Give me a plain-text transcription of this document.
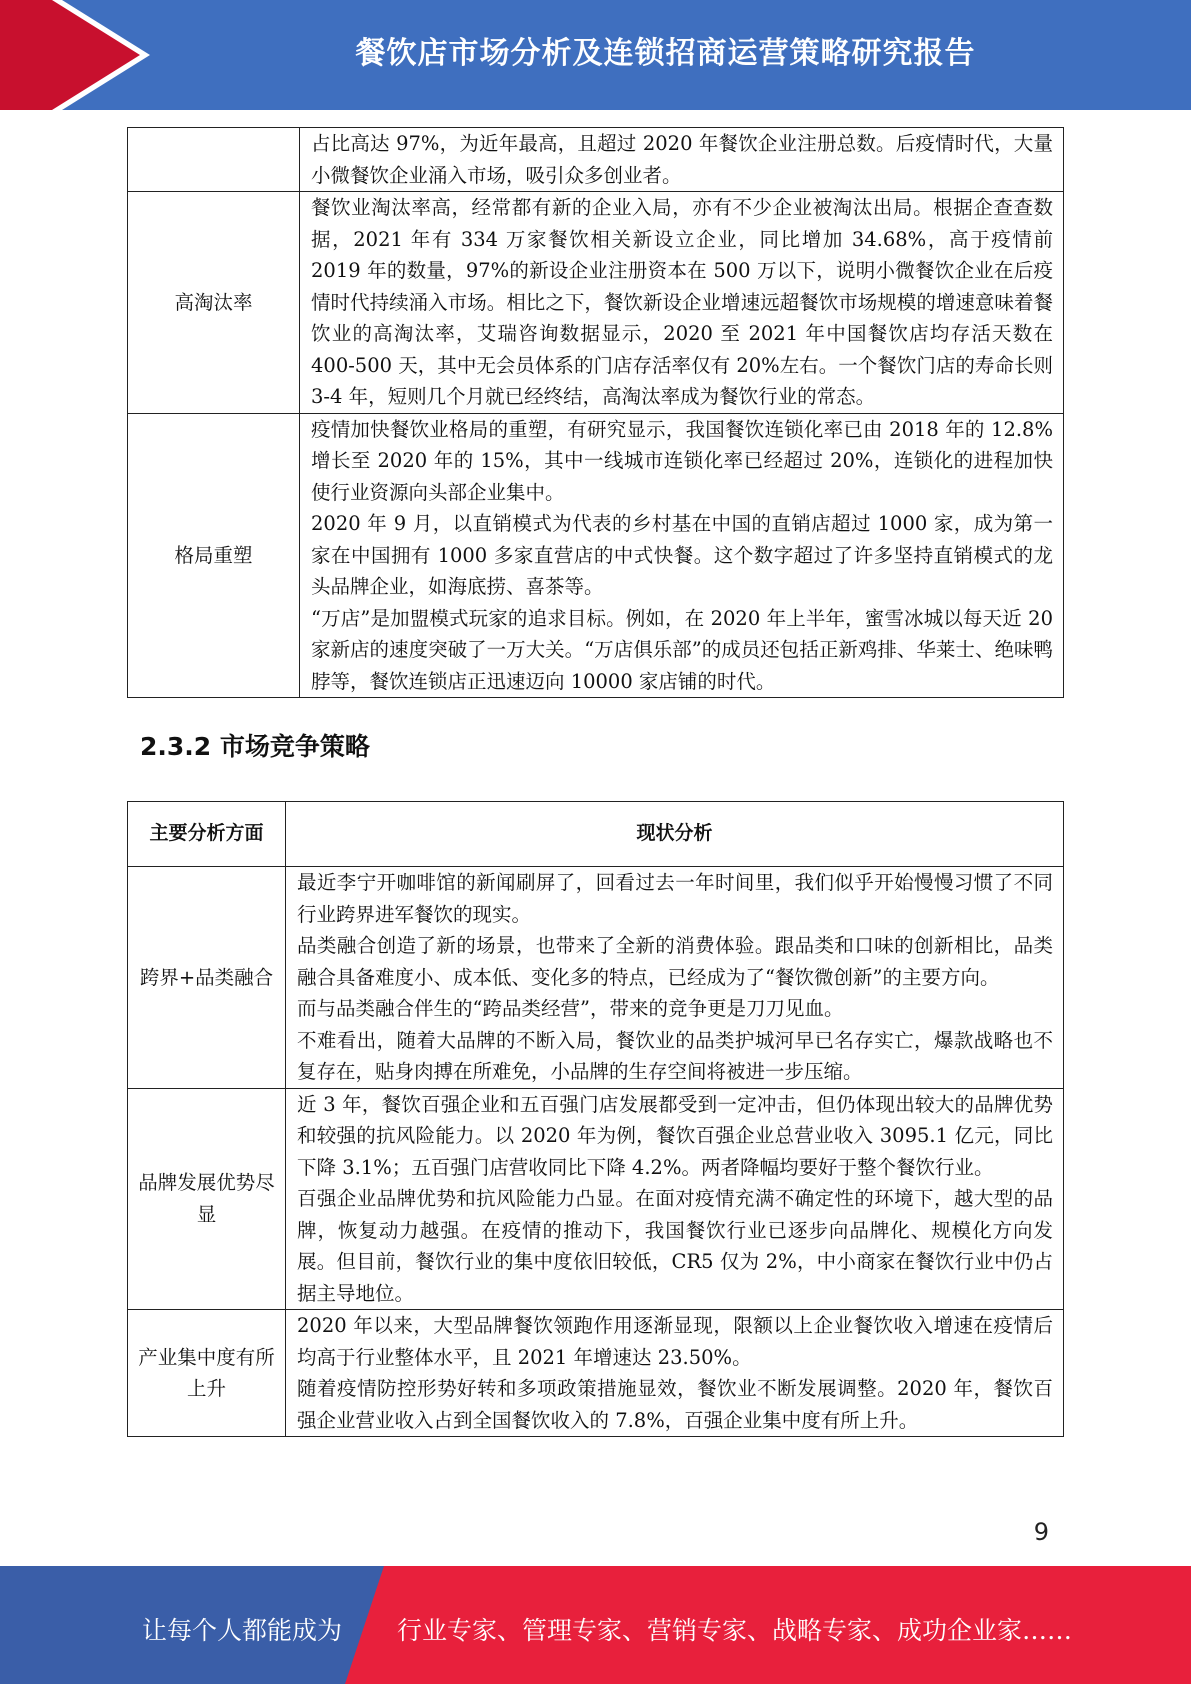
餐饮店市场分析及连锁招商运营策略研究报告

	占比高达 97%，为近年最高，且超过 2020 年餐饮企业注册总数。后疫情时代，大量小微餐饮企业涌入市场，吸引众多创业者。

高淘汰率	餐饮业淘汰率高，经常都有新的企业入局，亦有不少企业被淘汰出局。根据企查查数据，2021 年有 334 万家餐饮相关新设立企业，同比增加 34.68%，高于疫情前 2019 年的数量，97%的新设企业注册资本在 500 万以下，说明小微餐饮企业在后疫情时代持续涌入市场。相比之下，餐饮新设企业增速远超餐饮市场规模的增速意味着餐饮业的高淘汰率，艾瑞咨询数据显示，2020 至 2021 年中国餐饮店均存活天数在 400-500 天，其中无会员体系的门店存活率仅有 20%左右。一个餐饮门店的寿命长则 3-4 年，短则几个月就已经终结，高淘汰率成为餐饮行业的常态。

格局重塑	疫情加快餐饮业格局的重塑，有研究显示，我国餐饮连锁化率已由 2018 年的 12.8%增长至 2020 年的 15%，其中一线城市连锁化率已经超过 20%，连锁化的进程加快使行业资源向头部企业集中。

2020 年 9 月，以直销模式为代表的乡村基在中国的直销店超过 1000 家，成为第一家在中国拥有 1000 多家直营店的中式快餐。这个数字超过了许多坚持直销模式的龙头品牌企业，如海底捞、喜茶等。

“万店”是加盟模式玩家的追求目标。例如，在 2020 年上半年，蜜雪冰城以每天近 20 家新店的速度突破了一万大关。“万店俱乐部”的成员还包括正新鸡排、华莱士、绝味鸭脖等，餐饮连锁店正迅速迈向 10000 家店铺的时代。

2.3.2 市场竞争策略
主要分析方面	现状分析
跨界+品类融合	最近李宁开咖啡馆的新闻刷屏了，回看过去一年时间里，我们似乎开始慢慢习惯了不同行业跨界进军餐饮的现实。

品类融合创造了新的场景，也带来了全新的消费体验。跟品类和口味的创新相比，品类融合具备难度小、成本低、变化多的特点，已经成为了“餐饮微创新”的主要方向。

而与品类融合伴生的“跨品类经营”，带来的竞争更是刀刀见血。

不难看出，随着大品牌的不断入局，餐饮业的品类护城河早已名存实亡，爆款战略也不复存在，贴身肉搏在所难免，小品牌的生存空间将被进一步压缩。

品牌发展优势尽显	近 3 年，餐饮百强企业和五百强门店发展都受到一定冲击，但仍体现出较大的品牌优势和较强的抗风险能力。以 2020 年为例，餐饮百强企业总营业收入 3095.1 亿元，同比下降 3.1%；五百强门店营收同比下降 4.2%。两者降幅均要好于整个餐饮行业。

百强企业品牌优势和抗风险能力凸显。在面对疫情充满不确定性的环境下，越大型的品牌，恢复动力越强。在疫情的推动下，我国餐饮行业已逐步向品牌化、规模化方向发展。但目前，餐饮行业的集中度依旧较低，CR5 仅为 2%，中小商家在餐饮行业中仍占据主导地位。

产业集中度有所上升	2020 年以来，大型品牌餐饮领跑作用逐渐显现，限额以上企业餐饮收入增速在疫情后均高于行业整体水平，且 2021 年增速达 23.50%。

随着疫情防控形势好转和多项政策措施显效，餐饮业不断发展调整。2020 年，餐饮百强企业营业收入占到全国餐饮收入的 7.8%，百强企业集中度有所上升。

9
让每个人都能成为 行业专家、管理专家、营销专家、战略专家、成功企业家……
